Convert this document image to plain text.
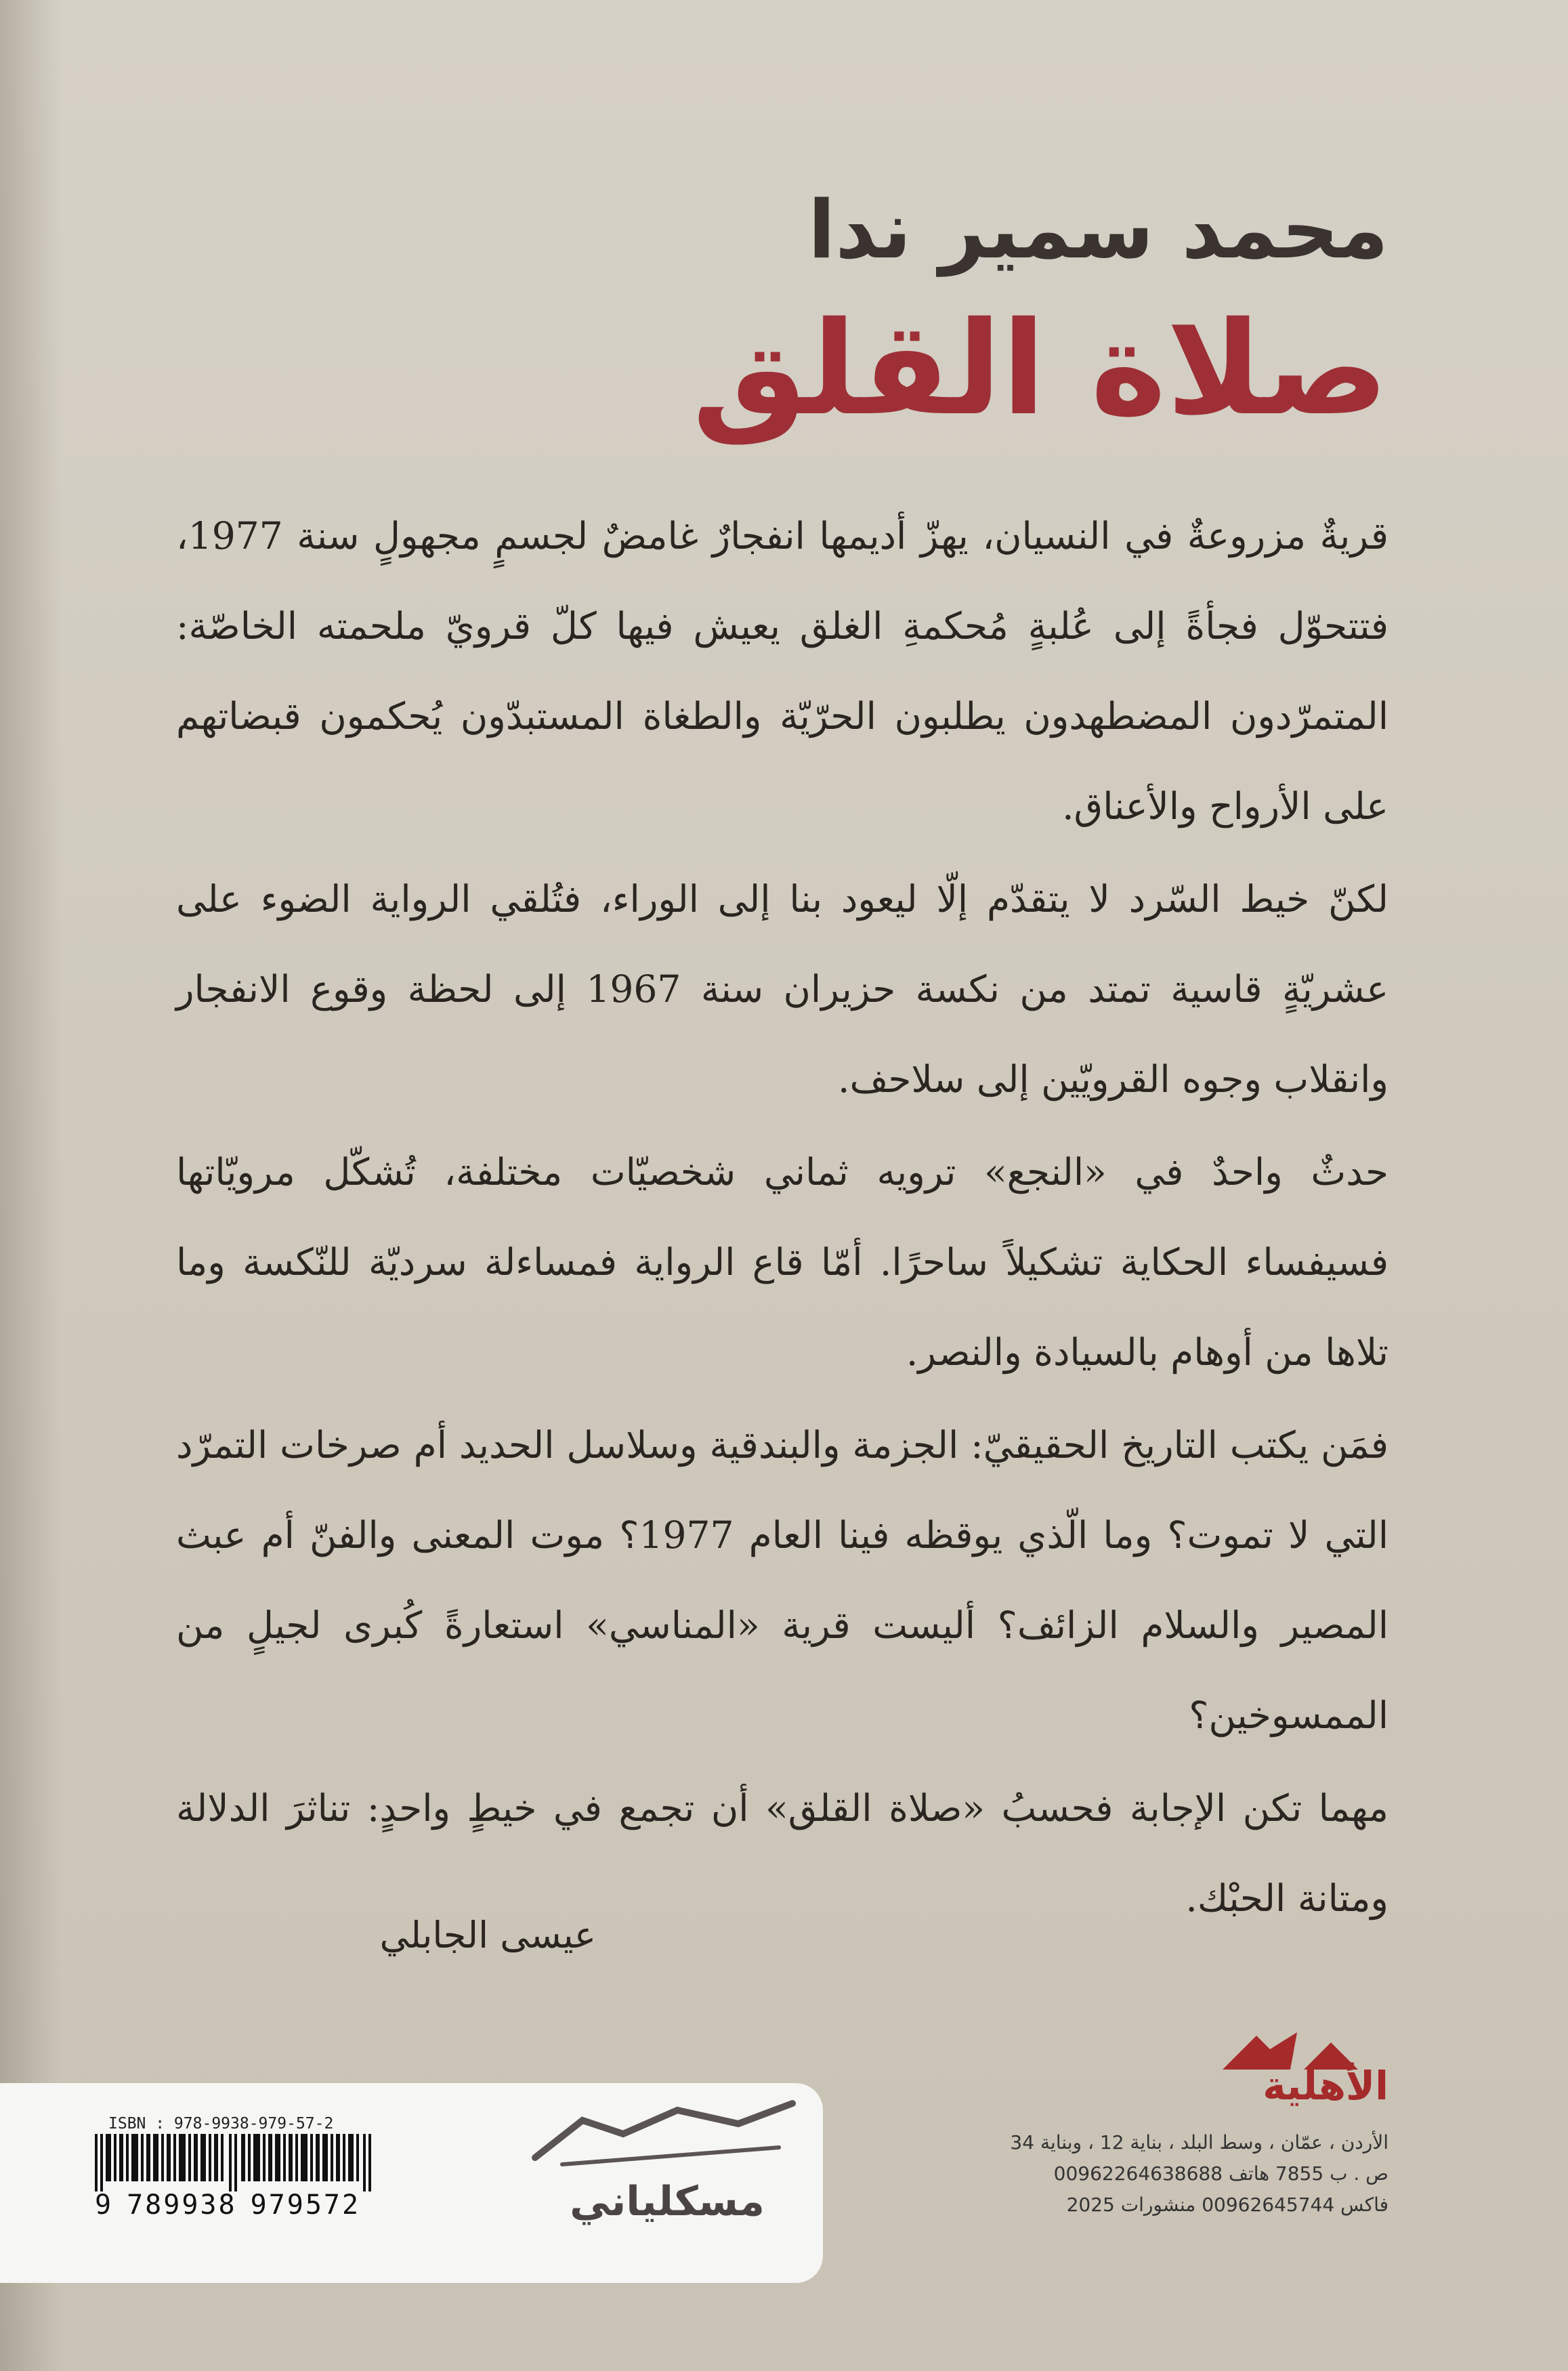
محمد سمير ندا
صلاة القلق

قريةٌ مزروعةٌ في النسيان، يهزّ أديمها انفجارٌ غامضٌ لجسمٍ مجهولٍ سنة 1977، فتتحوّل فجأةً إلى عُلبةٍ مُحكمةِ الغلق يعيش فيها كلّ قرويّ ملحمته الخاصّة: المتمرّدون المضطهدون يطلبون الحرّيّة والطغاة المستبدّون يُحكمون قبضاتهم على الأرواح والأعناق.

لكنّ خيط السّرد لا يتقدّم إلّا ليعود بنا إلى الوراء، فتُلقي الرواية الضوء على عشريّةٍ قاسية تمتد من نكسة حزيران سنة 1967 إلى لحظة وقوع الانفجار وانقلاب وجوه القرويّين إلى سلاحف.

حدثٌ واحدٌ في «النجع» ترويه ثماني شخصيّات مختلفة، تُشكّل مرويّاتها فسيفساء الحكاية تشكيلاً ساحرًا. أمّا قاع الرواية فمساءلة سرديّة للنّكسة وما تلاها من أوهام بالسيادة والنصر.

فمَن يكتب التاريخ الحقيقيّ: الجزمة والبندقية وسلاسل الحديد أم صرخات التمرّد التي لا تموت؟ وما الّذي يوقظه فينا العام 1977؟ موت المعنى والفنّ أم عبث المصير والسلام الزائف؟ أليست قرية «المناسي» استعارةً كُبرى لجيلٍ من الممسوخين؟

مهما تكن الإجابة فحسبُ «صلاة القلق» أن تجمع في خيطٍ واحدٍ: تناثرَ الدلالة ومتانة الحبْك.

عيسى الجابلي
ISBN : 978-9938-979-57-2
9 789938 979572	مسكلياني
الأهلية
الأردن ، عمّان ، وسط البلد ، بناية 12 ، وبناية 34
ص . ب 7855 هاتف 00962264638688
فاكس 00962645744 منشورات 2025
